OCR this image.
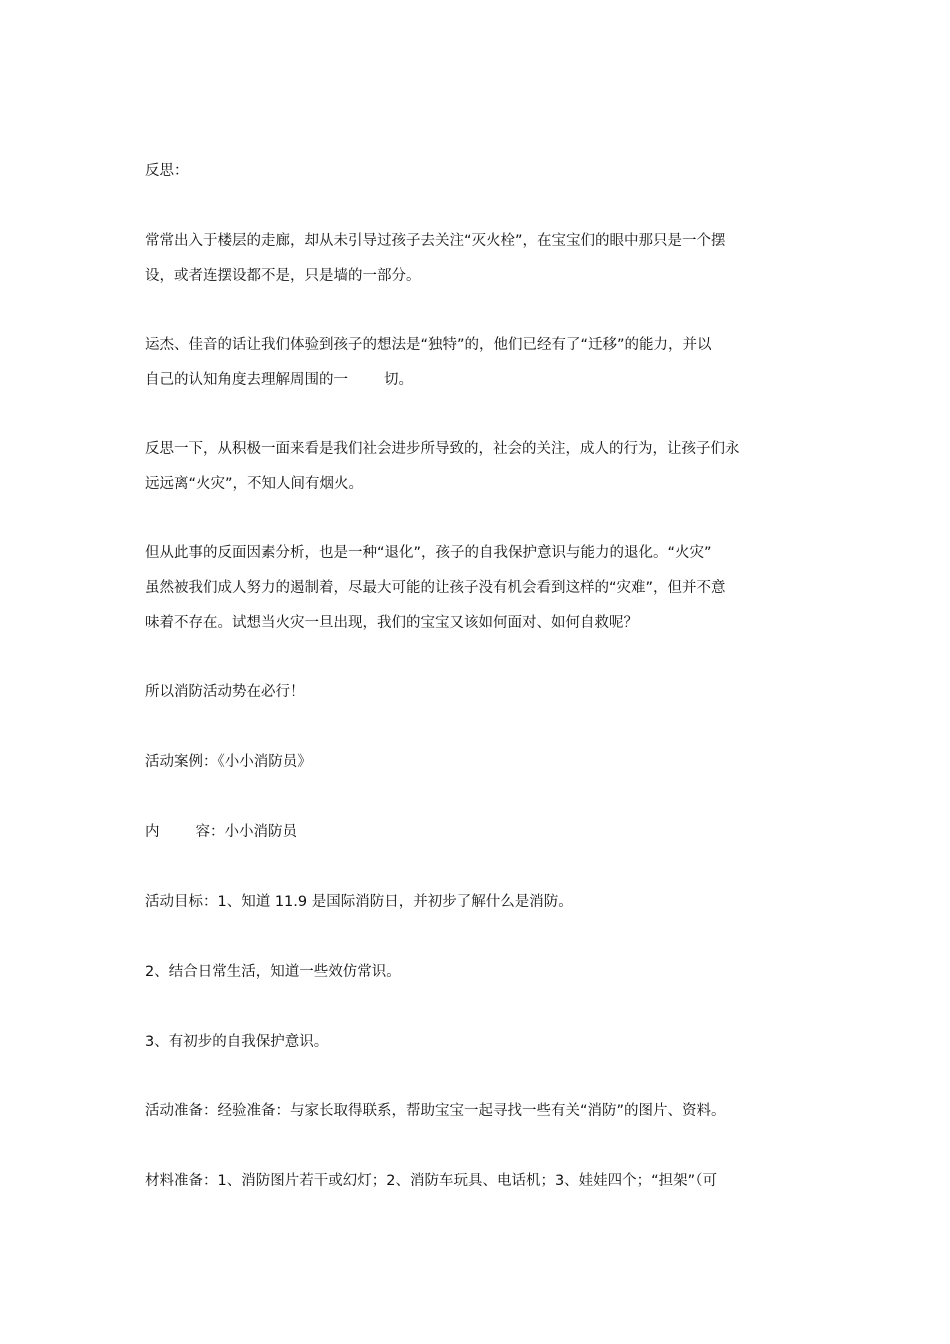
反思：

常常出入于楼层的走廊，却从未引导过孩子去关注“灭火栓”，在宝宝们的眼中那只是一个摆
设，或者连摆设都不是，只是墙的一部分。

运杰、佳音的话让我们体验到孩子的想法是“独特”的，他们已经有了“迁移”的能力，并以
自己的认知角度去理解周围的一 切。

反思一下，从积极一面来看是我们社会进步所导致的，社会的关注，成人的行为，让孩子们永
远远离“火灾”，不知人间有烟火。

但从此事的反面因素分析，也是一种“退化”，孩子的自我保护意识与能力的退化。“火灾”
虽然被我们成人努力的遏制着，尽最大可能的让孩子没有机会看到这样的“灾难”，但并不意
味着不存在。试想当火灾一旦出现，我们的宝宝又该如何面对、如何自救呢？

所以消防活动势在必行！

活动案例：《小小消防员》

内 容：小小消防员

活动目标：1、知道 11.9 是国际消防日，并初步了解什么是消防。

2、结合日常生活，知道一些效仿常识。

3、有初步的自我保护意识。

活动准备：经验准备：与家长取得联系，帮助宝宝一起寻找一些有关“消防”的图片、资料。

材料准备：1、消防图片若干或幻灯；2、消防车玩具、电话机；3、娃娃四个；“担架”（可
